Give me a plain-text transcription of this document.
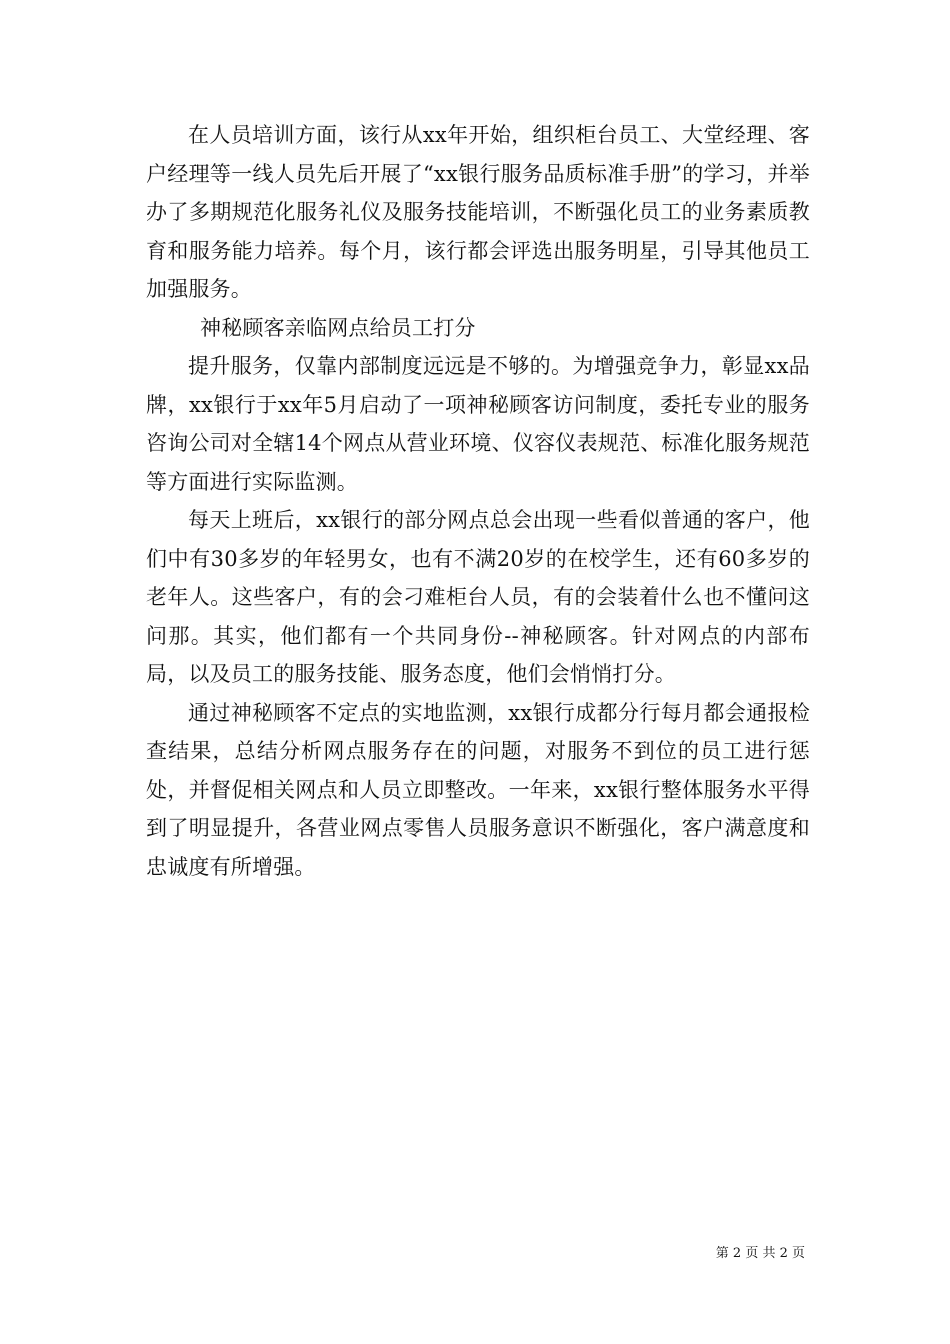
在人员培训方面，该行从xx年开始，组织柜台员工、大堂经理、客户经理等一线人员先后开展了“xx银行服务品质标准手册”的学习，并举办了多期规范化服务礼仪及服务技能培训，不断强化员工的业务素质教育和服务能力培养。每个月，该行都会评选出服务明星，引导其他员工加强服务。

神秘顾客亲临网点给员工打分

提升服务，仅靠内部制度远远是不够的。为增强竞争力，彰显xx品牌，xx银行于xx年5月启动了一项神秘顾客访问制度，委托专业的服务咨询公司对全辖14个网点从营业环境、仪容仪表规范、标准化服务规范等方面进行实际监测。

每天上班后，xx银行的部分网点总会出现一些看似普通的客户，他们中有30多岁的年轻男女，也有不满20岁的在校学生，还有60多岁的老年人。这些客户，有的会刁难柜台人员，有的会装着什么也不懂问这问那。其实，他们都有一个共同身份--神秘顾客。针对网点的内部布局，以及员工的服务技能、服务态度，他们会悄悄打分。

通过神秘顾客不定点的实地监测，xx银行成都分行每月都会通报检查结果，总结分析网点服务存在的问题，对服务不到位的员工进行惩处，并督促相关网点和人员立即整改。一年来，xx银行整体服务水平得到了明显提升，各营业网点零售人员服务意识不断强化，客户满意度和忠诚度有所增强。

第 2 页 共 2 页
